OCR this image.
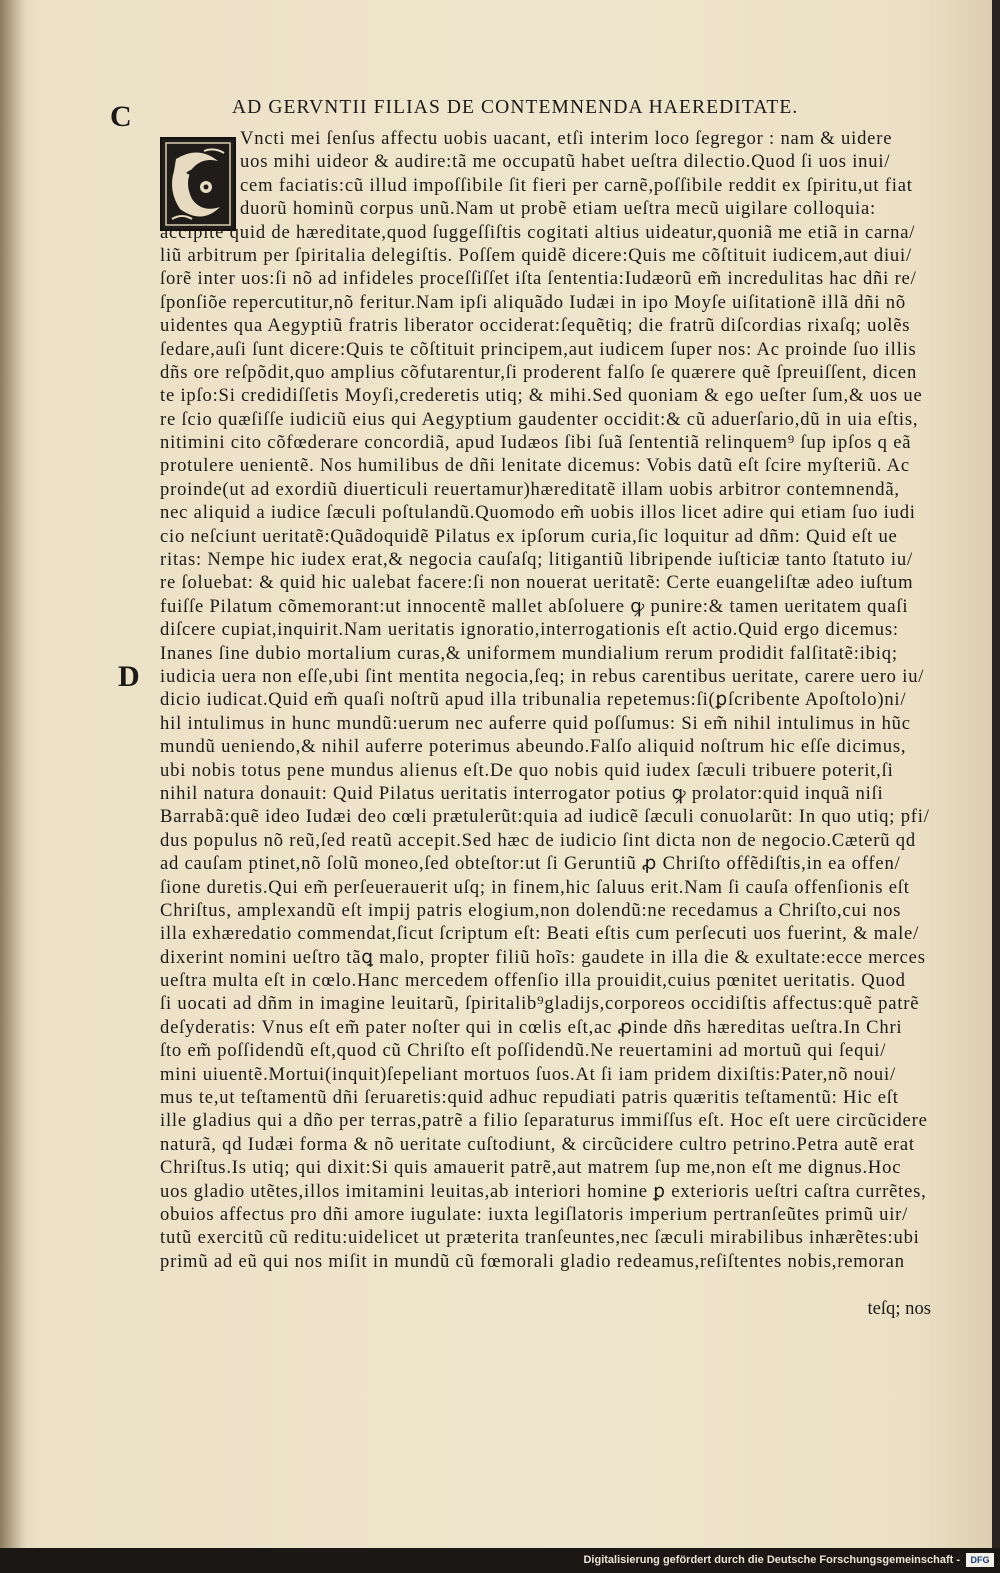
C
D
AD GERVNTII FILIAS DE CONTEMNENDA HAEREDITATE.
Vncti mei ſenſus affectu uobis uacant, etſi interim loco ſegregor : nam & uidere
uos mihi uideor & audire:tã me occupatũ habet ueſtra dilectio.Quod ſi uos inui/
cem faciatis:cũ illud impoſſibile ſit fieri per carnẽ,poſſibile reddit ex ſpiritu,ut fiat
duorũ hominũ corpus unũ.Nam ut probẽ etiam ueſtra mecũ uigilare colloquia:
accipite quid de hæreditate,quod ſuggeſſiſtis cogitati altius uideatur,quoniã me etiã in carna/
liũ arbitrum per ſpiritalia delegiſtis. Poſſem quidẽ dicere:Quis me cõſtituit iudicem,aut diui/
ſorẽ inter uos:ſi nõ ad infideles proceſſiſſet iſta ſententia:Iudæorũ em̃ incredulitas hac dñi re/
ſponſiõe repercutitur,nõ feritur.Nam ipſi aliquãdo Iudæi in ipo Moyſe uiſitationẽ illã dñi nõ
uidentes qua Aegyptiũ fratris liberator occiderat:ſequẽtiq; die fratrũ diſcordias rixaſq; uolẽs
ſedare,auſi ſunt dicere:Quis te cõſtituit principem,aut iudicem ſuper nos: Ac proinde ſuo illis
dñs ore reſpõdit,quo amplius cõfutarentur,ſi proderent falſo ſe quærere quẽ ſpreuiſſent, dicen
te ipſo:Si credidiſſetis Moyſi,crederetis utiq; & mihi.Sed quoniam & ego ueſter ſum,& uos ue
re ſcio quæſiſſe iudiciũ eius qui Aegyptium gaudenter occidit:& cũ aduerſario,dũ in uia eſtis,
nitimini cito cõfœderare concordiã, apud Iudæos ſibi ſuã ſententiã relinquem⁹ ſup ipſos q eã
protulere uenientẽ. Nos humilibus de dñi lenitate dicemus: Vobis datũ eſt ſcire myſteriũ. Ac
proinde(ut ad exordiũ diuerticuli reuertamur)hæreditatẽ illam uobis arbitror contemnendã,
nec aliquid a iudice ſæculi poſtulandũ.Quomodo em̃ uobis illos licet adire qui etiam ſuo iudi
cio neſciunt ueritatẽ:Quãdoquidẽ Pilatus ex ipſorum curia,ſic loquitur ad dñm: Quid eſt ue
ritas: Nempe hic iudex erat,& negocia cauſaſq; litigantiũ libripende iuſticiæ tanto ſtatuto iu/
re ſoluebat: & quid hic ualebat facere:ſi non nouerat ueritatẽ: Certe euangeliſtæ adeo iuſtum
fuiſſe Pilatum cõmemorant:ut innocentẽ mallet abſoluere ꝙ punire:& tamen ueritatem quaſi
diſcere cupiat,inquirit.Nam ueritatis ignoratio,interrogationis eſt actio.Quid ergo dicemus:
Inanes ſine dubio mortalium curas,& uniformem mundialium rerum prodidit falſitatẽ:ibiq;
iudicia uera non eſſe,ubi ſint mentita negocia,ſeq; in rebus carentibus ueritate, carere uero iu/
dicio iudicat.Quid em̃ quaſi noſtrũ apud illa tribunalia repetemus:ſi(ꝑſcribente Apoſtolo)ni/
hil intulimus in hunc mundũ:uerum nec auferre quid poſſumus: Si em̃ nihil intulimus in hũc
mundũ ueniendo,& nihil auferre poterimus abeundo.Falſo aliquid noſtrum hic eſſe dicimus,
ubi nobis totus pene mundus alienus eſt.De quo nobis quid iudex ſæculi tribuere poterit,ſi
nihil natura donauit: Quid Pilatus ueritatis interrogator potius ꝙ prolator:quid inquã niſi
Barrabã:quẽ ideo Iudæi deo cœli prætulerũt:quia ad iudicẽ ſæculi conuolarũt: In quo utiq; pfi/
dus populus nõ reũ,ſed reatũ accepit.Sed hæc de iudicio ſint dicta non de negocio.Cæterũ qd
ad cauſam ptinet,nõ ſolũ moneo,ſed obteſtor:ut ſi Geruntiũ ꝓ Chriſto offẽdiſtis,in ea offen/
ſione duretis.Qui em̃ perſeuerauerit uſq; in finem,hic ſaluus erit.Nam ſi cauſa offenſionis eſt
Chriſtus, amplexandũ eſt impij patris elogium,non dolendũ:ne recedamus a Chriſto,cui nos
illa exhæredatio commendat,ſicut ſcriptum eſt: Beati eſtis cum perſecuti uos fuerint, & male/
dixerint nomini ueſtro tãꝗ malo, propter filiũ hoĩs: gaudete in illa die & exultate:ecce merces
ueſtra multa eſt in cœlo.Hanc mercedem offenſio illa prouidit,cuius pœnitet ueritatis. Quod
ſi uocati ad dñm in imagine leuitarũ, ſpiritalib⁹gladijs,corporeos occidiſtis affectus:quẽ patrẽ
deſyderatis: Vnus eſt em̃ pater noſter qui in cœlis eſt,ac ꝓinde dñs hæreditas ueſtra.In Chri
ſto em̃ poſſidendũ eſt,quod cũ Chriſto eſt poſſidendũ.Ne reuertamini ad mortuũ qui ſequi/
mini uiuentẽ.Mortui(inquit)ſepeliant mortuos ſuos.At ſi iam pridem dixiſtis:Pater,nõ noui/
mus te,ut teſtamentũ dñi ſeruaretis:quid adhuc repudiati patris quæritis teſtamentũ: Hic eſt
ille gladius qui a dño per terras,patrẽ a filio ſeparaturus immiſſus eſt. Hoc eſt uere circũcidere
naturã, qd Iudæi forma & nõ ueritate cuſtodiunt, & circũcidere cultro petrino.Petra autẽ erat
Chriſtus.Is utiq; qui dixit:Si quis amauerit patrẽ,aut matrem ſup me,non eſt me dignus.Hoc
uos gladio utẽtes,illos imitamini leuitas,ab interiori homine ꝑ exterioris ueſtri caſtra currẽtes,
obuios affectus pro dñi amore iugulate: iuxta legiſlatoris imperium pertranſeũtes primũ uir/
tutũ exercitũ cũ reditu:uidelicet ut præterita tranſeuntes,nec ſæculi mirabilibus inhærẽtes:ubi
primũ ad eũ qui nos miſit in mundũ cũ fœmorali gladio redeamus,reſiſtentes nobis,remoran
teſq; nos
Digitalisierung gefördert durch die Deutsche Forschungsgemeinschaft -	DFG
